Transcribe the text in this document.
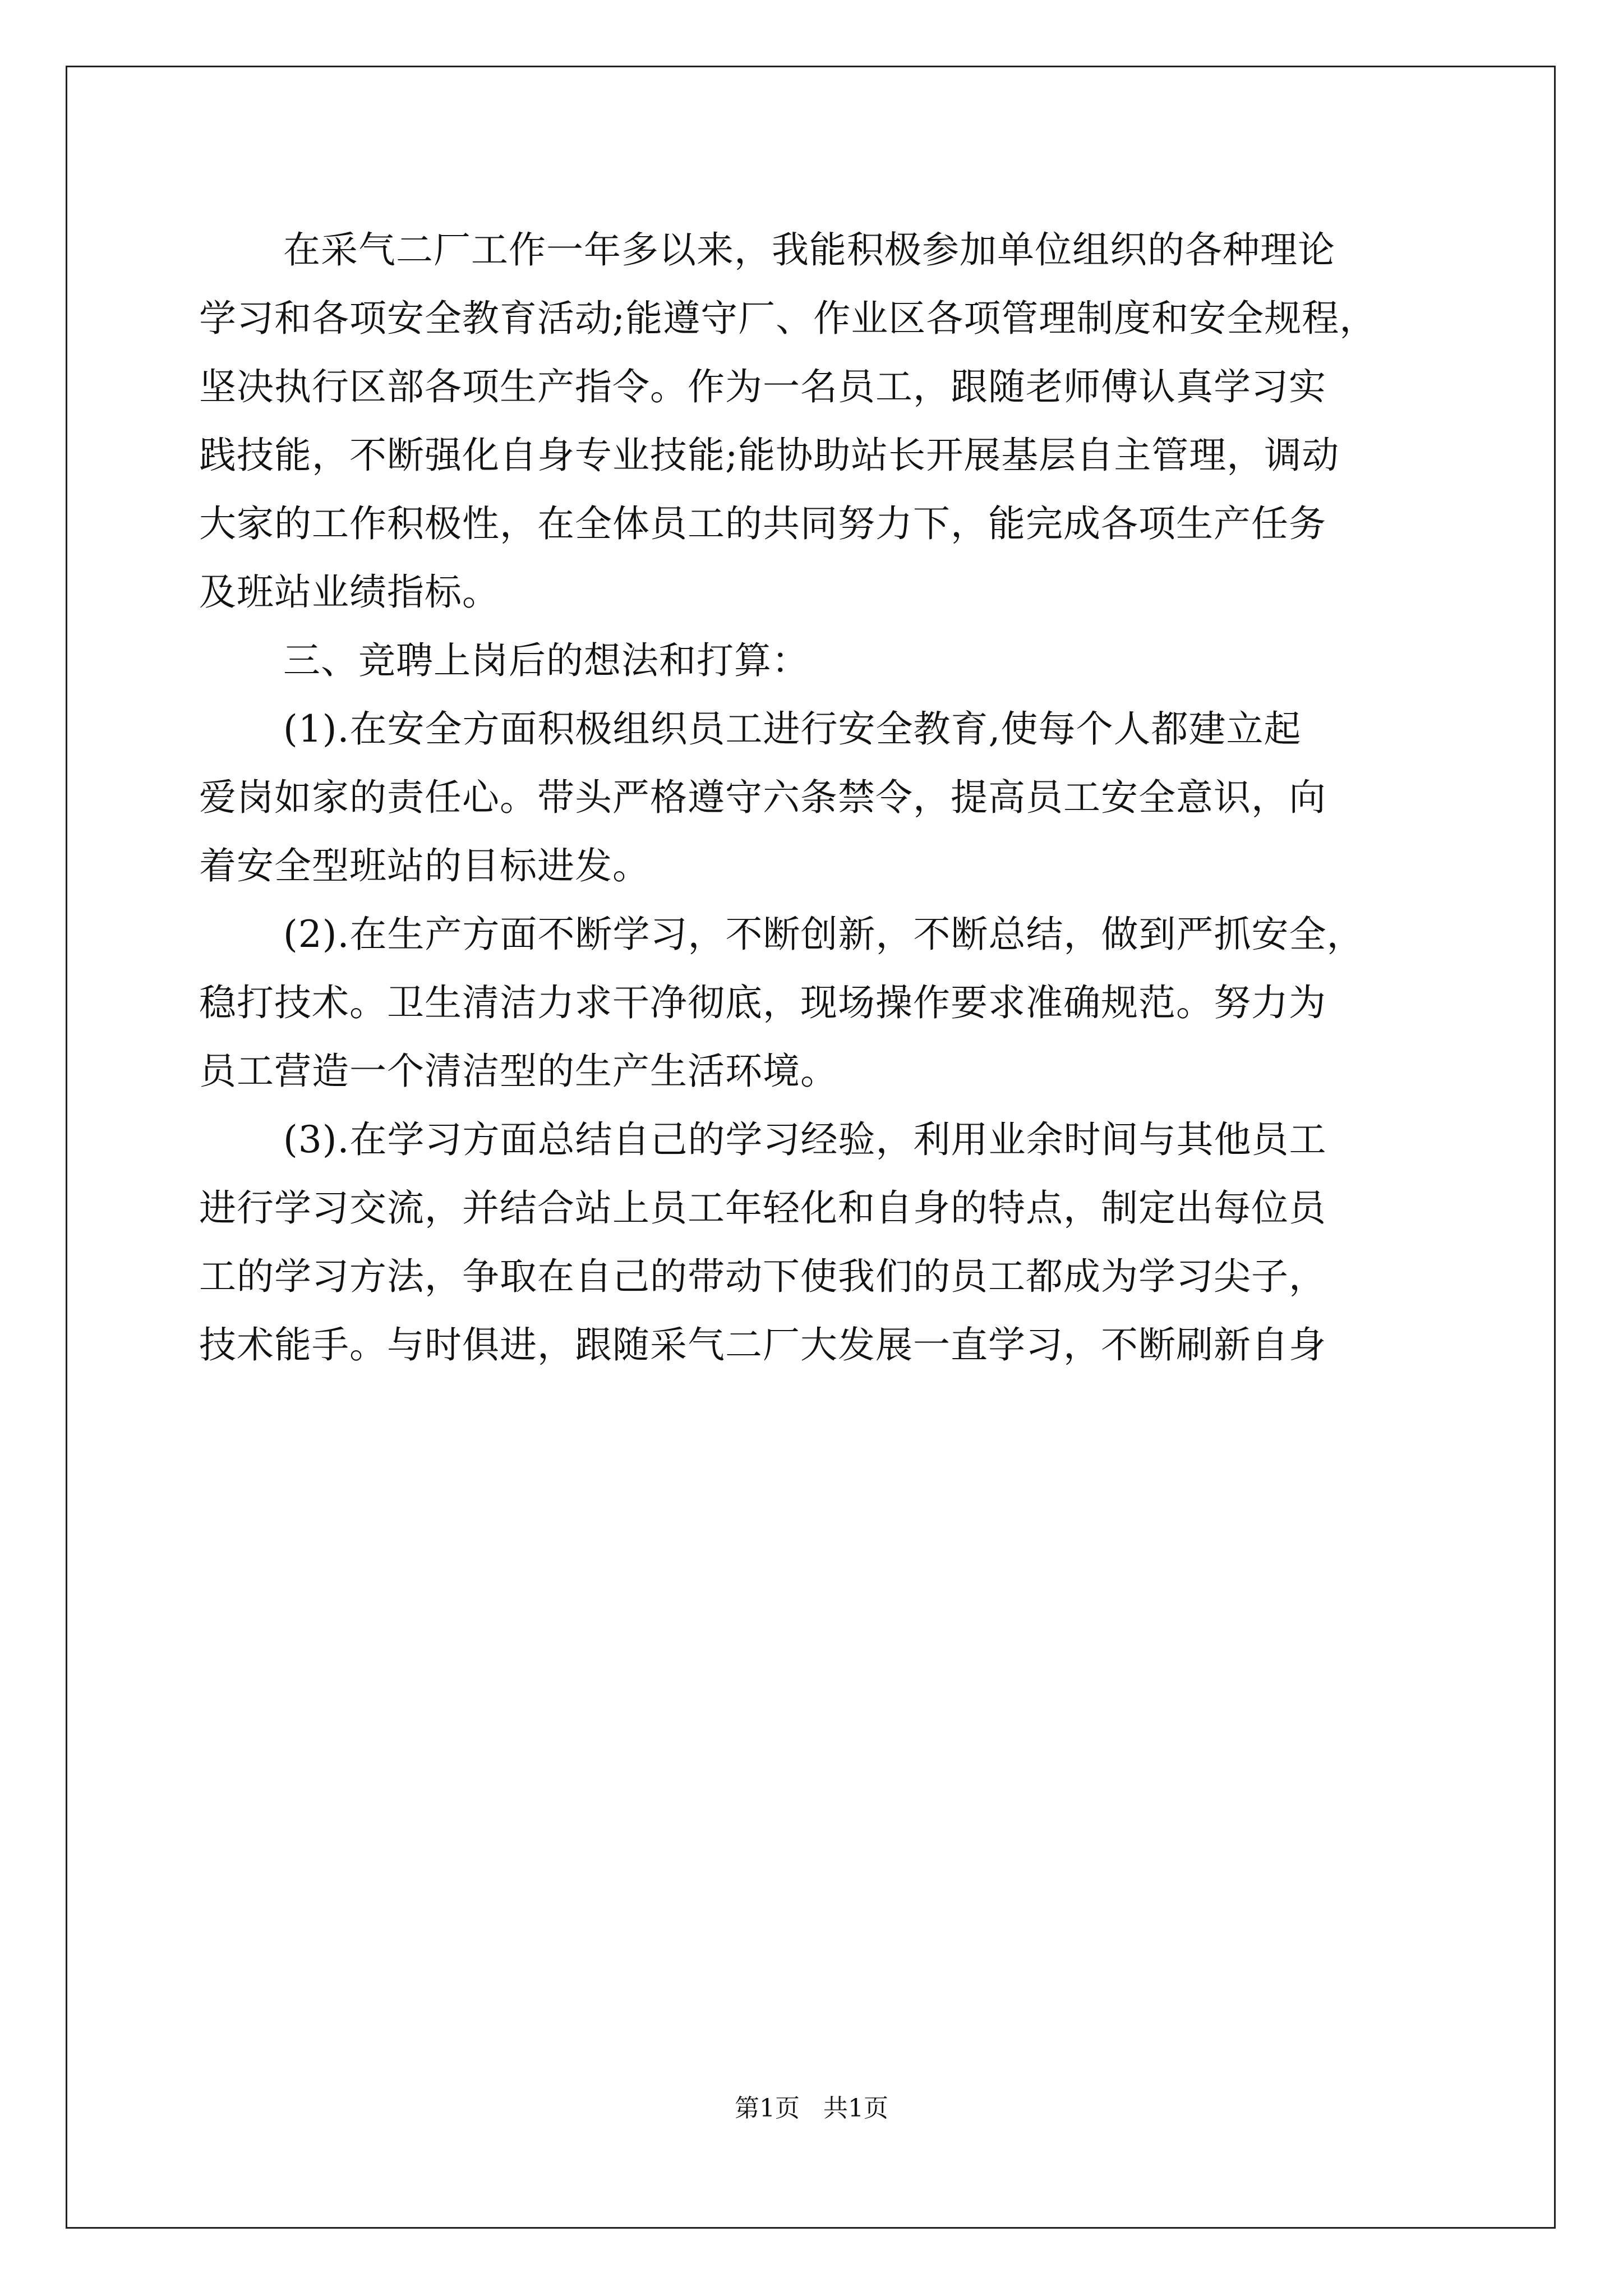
在采气二厂工作一年多以来，我能积极参加单位组织的各种理论
学习和各项安全教育活动;能遵守厂、作业区各项管理制度和安全规程，
坚决执行区部各项生产指令。作为一名员工，跟随老师傅认真学习实
践技能，不断强化自身专业技能;能协助站长开展基层自主管理，调动
大家的工作积极性，在全体员工的共同努力下，能完成各项生产任务
及班站业绩指标。
三、竞聘上岗后的想法和打算：
(1).在安全方面积极组织员工进行安全教育,使每个人都建立起
爱岗如家的责任心。带头严格遵守六条禁令，提高员工安全意识，向
着安全型班站的目标进发。
(2).在生产方面不断学习，不断创新，不断总结，做到严抓安全，
稳打技术。卫生清洁力求干净彻底，现场操作要求准确规范。努力为
员工营造一个清洁型的生产生活环境。
(3).在学习方面总结自己的学习经验，利用业余时间与其他员工
进行学习交流，并结合站上员工年轻化和自身的特点，制定出每位员
工的学习方法，争取在自己的带动下使我们的员工都成为学习尖子，
技术能手。与时俱进，跟随采气二厂大发展一直学习，不断刷新自身
第1页   共1页
